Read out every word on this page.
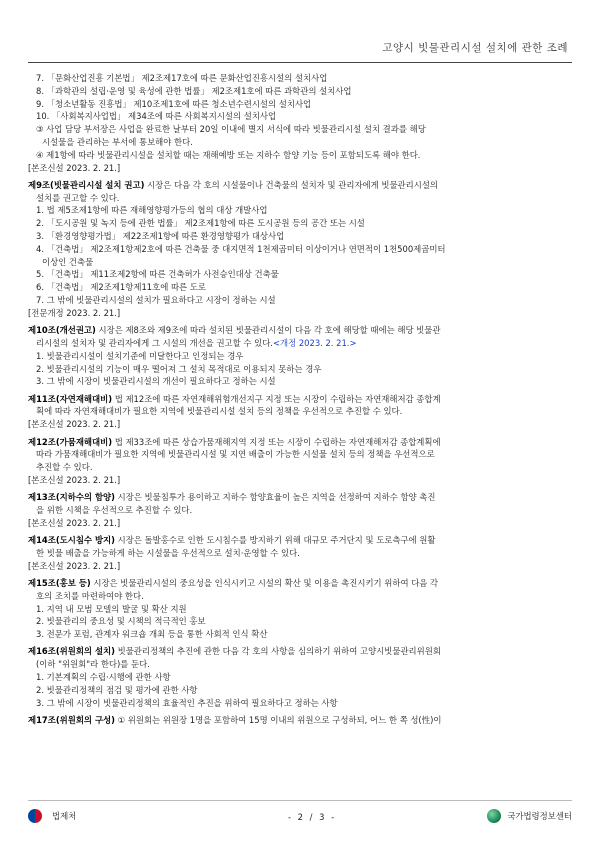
고양시 빗물관리시설 설치에 관한 조례
7. 「문화산업진흥 기본법」 제2조제17호에 따른 문화산업진흥시설의 설치사업
8. 「과학관의 설립·운영 및 육성에 관한 법률」 제2조제1호에 따른 과학관의 설치사업
9. 「청소년활동 진흥법」 제10조제1호에 따른 청소년수련시설의 설치사업
10. 「사회복지사업법」 제34조에 따른 사회복지시설의 설치사업
③ 사업 담당 부서장은 사업을 완료한 날부터 20일 이내에 별지 서식에 따라 빗물관리시설 설치 결과를 해당
시설물을 관리하는 부서에 통보해야 한다.
④ 제1항에 따라 빗물관리시설을 설치할 때는 재해예방 또는 지하수 함양 기능 등이 포함되도록 해야 한다.
[본조신설 2023. 2. 21.]
제9조(빗물관리시설 설치 권고) 시장은 다음 각 호의 시설물이나 건축물의 설치자 및 관리자에게 빗물관리시설의
설치를 권고할 수 있다.
1. 법 제5조제1항에 따른 재해영향평가등의 협의 대상 개발사업
2. 「도시공원 및 녹지 등에 관한 법률」 제2조제1항에 따른 도시공원 등의 공간 또는 시설
3. 「환경영향평가법」 제22조제1항에 따른 환경영향평가 대상사업
4. 「건축법」 제2조제1항제2호에 따른 건축물 중 대지면적 1천제곱미터 이상이거나 연면적이 1천500제곱미터
이상인 건축물
5. 「건축법」 제11조제2항에 따른 건축허가 사전승인대상 건축물
6. 「건축법」 제2조제1항제11호에 따른 도로
7. 그 밖에 빗물관리시설의 설치가 필요하다고 시장이 정하는 시설
[전문개정 2023. 2. 21.]
제10조(개선권고) 시장은 제8조와 제9조에 따라 설치된 빗물관리시설이 다음 각 호에 해당할 때에는 해당 빗물관
리시설의 설치자 및 관리자에게 그 시설의 개선을 권고할 수 있다.<개정 2023. 2. 21.>
1. 빗물관리시설이 설치기준에 미달한다고 인정되는 경우
2. 빗물관리시설의 기능이 매우 떨어져 그 설치 목적대로 이용되지 못하는 경우
3. 그 밖에 시장이 빗물관리시설의 개선이 필요하다고 정하는 시설
제11조(자연재해대비) 법 제12조에 따른 자연재해위험개선지구 지정 또는 시장이 수립하는 자연재해저감 종합계
획에 따라 자연재해대비가 필요한 지역에 빗물관리시설 설치 등의 정책을 우선적으로 추진할 수 있다.
[본조신설 2023. 2. 21.]
제12조(가뭄재해대비) 법 제33조에 따른 상습가뭄재해지역 지정 또는 시장이 수립하는 자연재해저감 종합계획에
따라 가뭄재해대비가 필요한 지역에 빗물관리시설 및 지연 배출이 가능한 시설물 설치 등의 정책을 우선적으로
추진할 수 있다.
[본조신설 2023. 2. 21.]
제13조(지하수의 함양) 시장은 빗물침투가 용이하고 지하수 함양효율이 높은 지역을 선정하여 지하수 함양 촉진
을 위한 시책을 우선적으로 추진할 수 있다.
[본조신설 2023. 2. 21.]
제14조(도시침수 방지) 시장은 돌발홍수로 인한 도시침수를 방지하기 위해 대규모 주거단지 및 도로측구에 원활
한 빗물 배출을 가능하게 하는 시설물을 우선적으로 설치·운영할 수 있다.
[본조신설 2023. 2. 21.]
제15조(홍보 등) 시장은 빗물관리시설의 중요성을 인식시키고 시설의 확산 및 이용을 촉진시키기 위하여 다음 각
호의 조치를 마련하여야 한다.
1. 지역 내 모범 모델의 발굴 및 확산 지원
2. 빗물관리의 중요성 및 시책의 적극적인 홍보
3. 전문가 포럼, 관계자 워크숍 개최 등을 통한 사회적 인식 확산
제16조(위원회의 설치) 빗물관리정책의 추진에 관한 다음 각 호의 사항을 심의하기 위하여 고양시빗물관리위원회
(이하 "위원회"라 한다)를 둔다.
1. 기본계획의 수립·시행에 관한 사항
2. 빗물관리정책의 점검 및 평가에 관한 사항
3. 그 밖에 시장이 빗물관리정책의 효율적인 추진을 위하여 필요하다고 정하는 사항
제17조(위원회의 구성) ① 위원회는 위원장 1명을 포함하여 15명 이내의 위원으로 구성하되, 어느 한 쪽 성(性)이
법제처	- 2 / 3 -	국가법령정보센터
